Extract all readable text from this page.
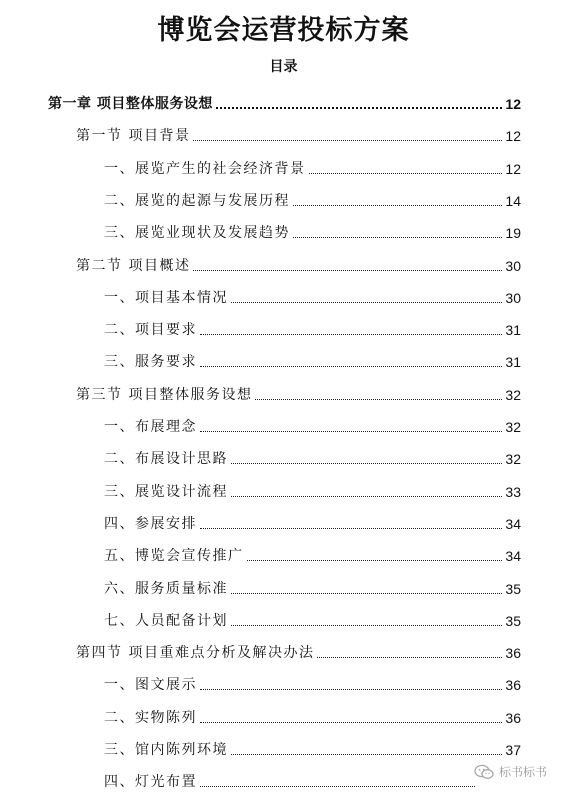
博览会运营投标方案
目录
第一章 项目整体服务设想	12
第一节 项目背景	12
一、展览产生的社会经济背景	12
二、展览的起源与发展历程	14
三、展览业现状及发展趋势	19
第二节 项目概述	30
一、项目基本情况	30
二、项目要求	31
三、服务要求	31
第三节 项目整体服务设想	32
一、布展理念	32
二、布展设计思路	32
三、展览设计流程	33
四、参展安排	34
五、博览会宣传推广	34
六、服务质量标准	35
七、人员配备计划	35
第四节 项目重难点分析及解决办法	36
一、图文展示	36
二、实物陈列	36
三、馆内陈列环境	37
四、灯光布置
标书标书
